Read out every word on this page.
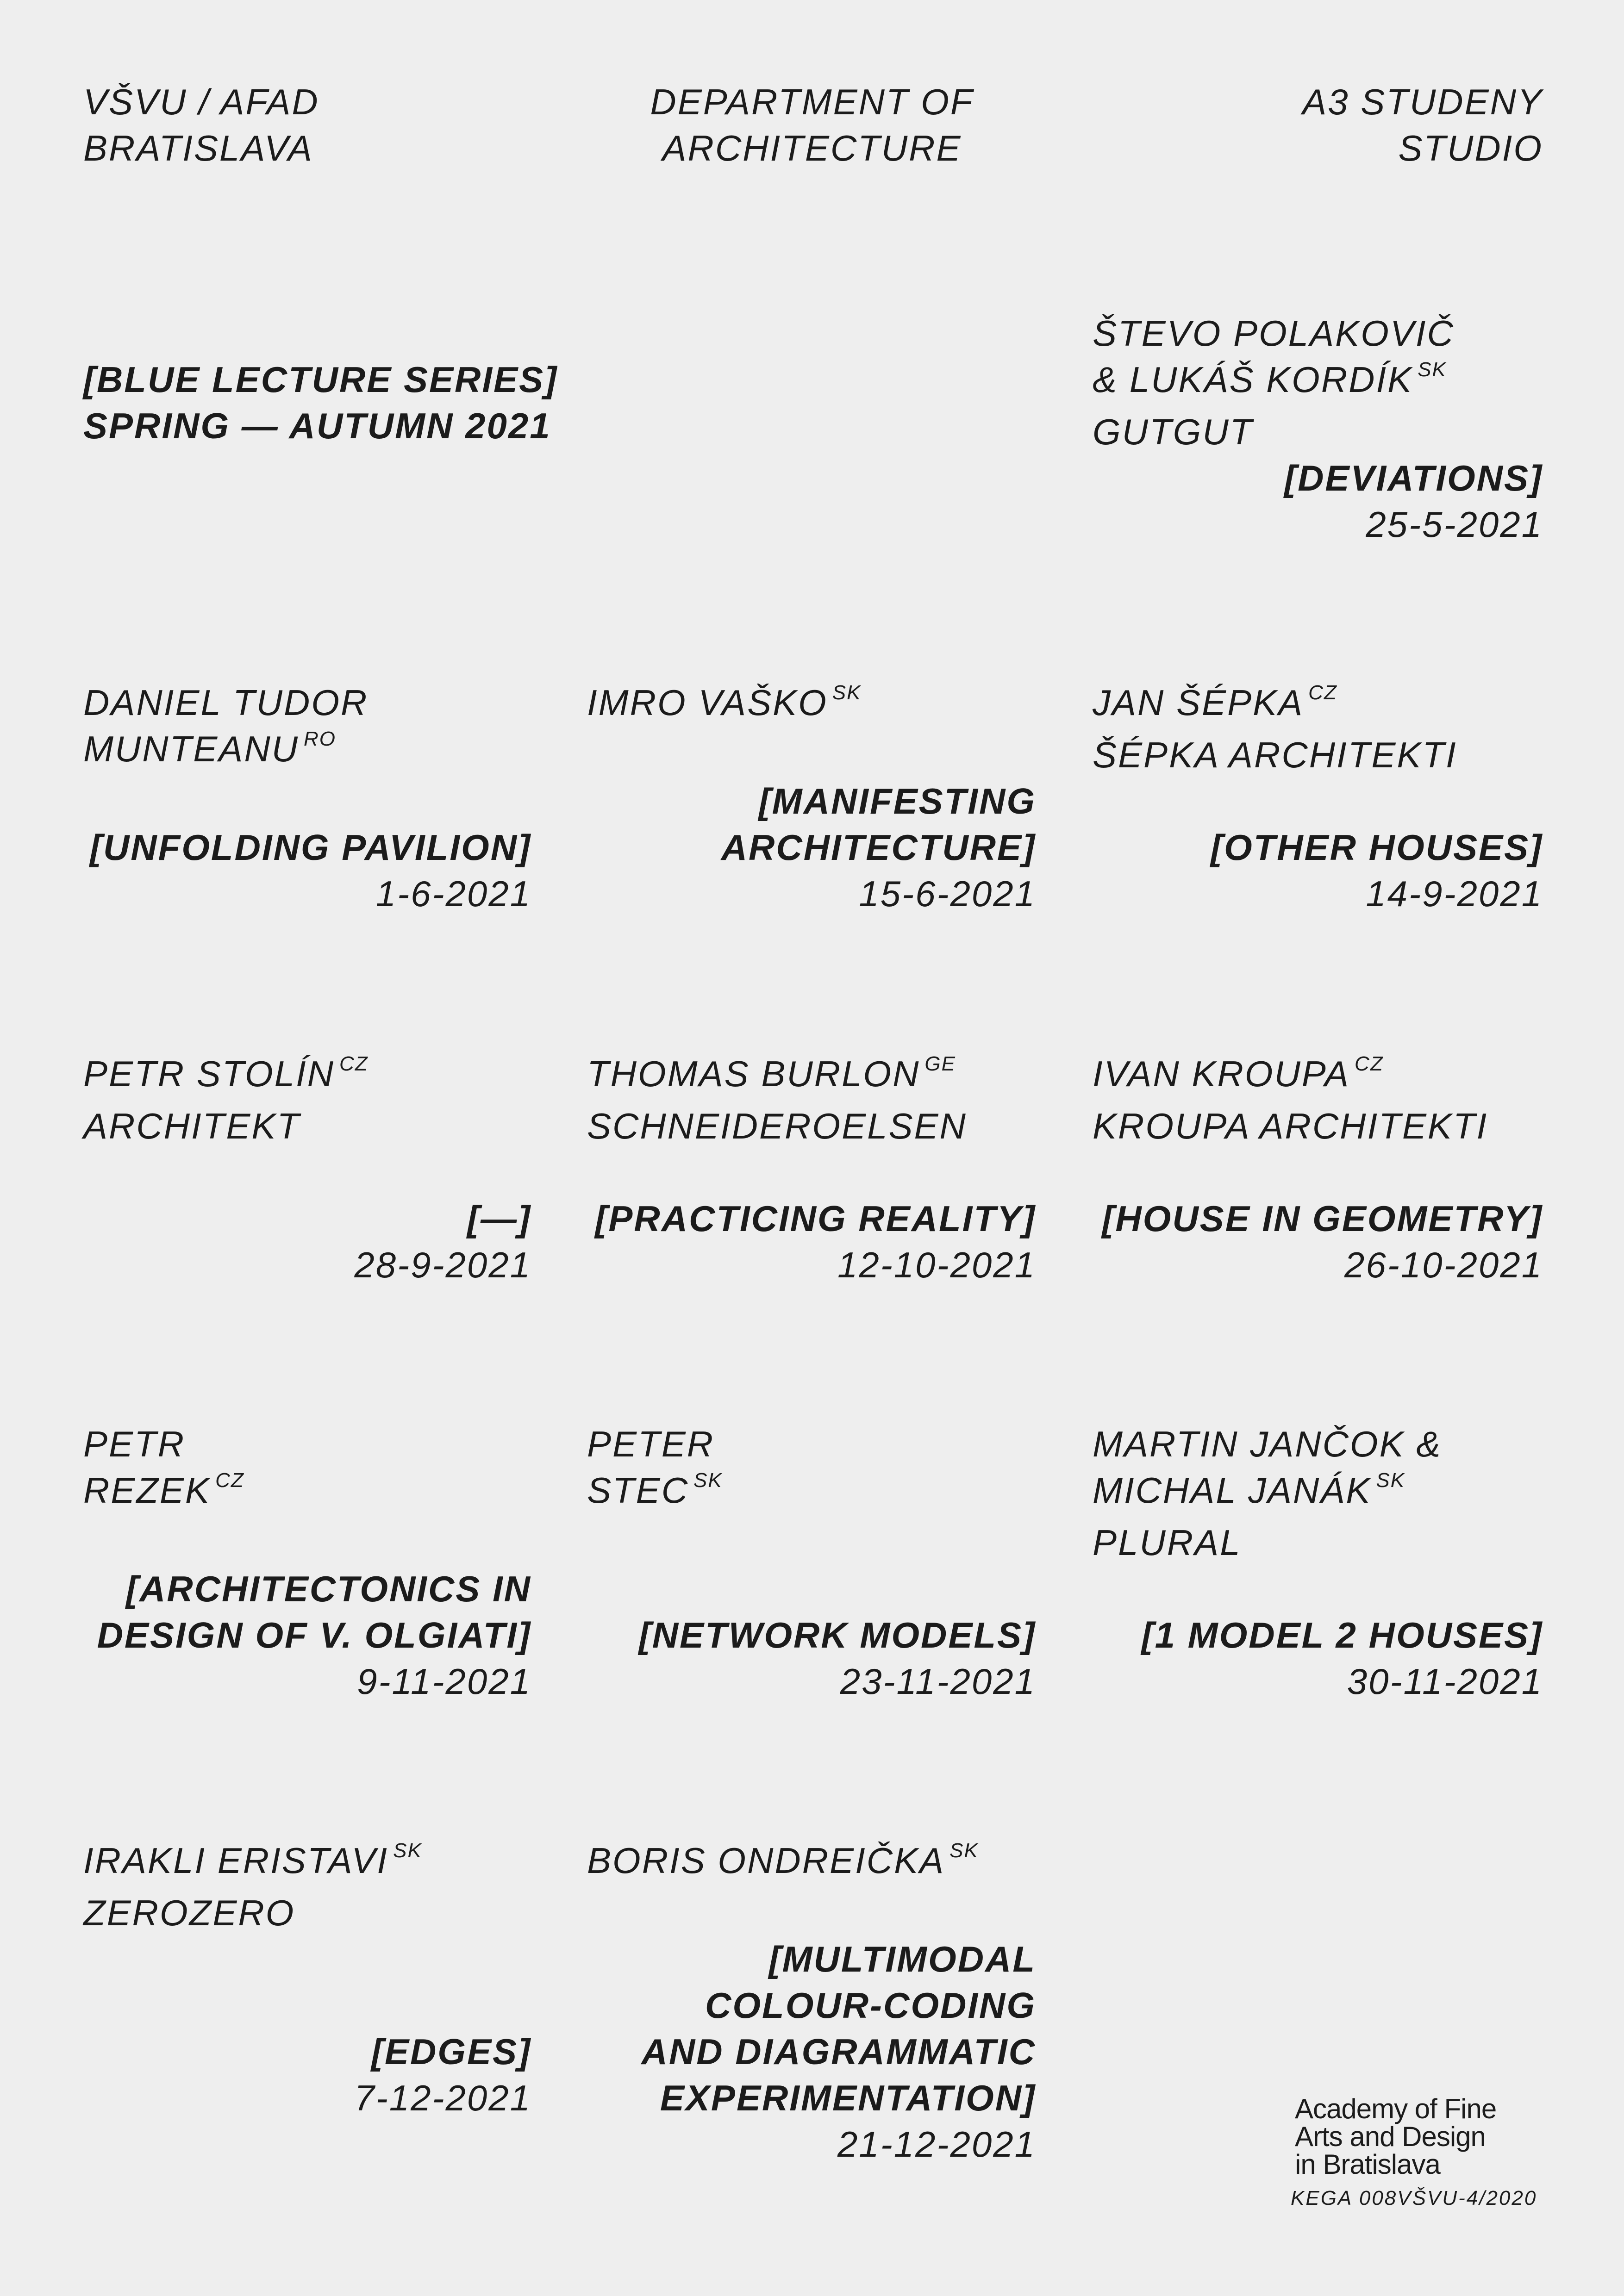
VŠVU / AFAD
BRATISLAVA
DEPARTMENT OF
ARCHITECTURE
A3 STUDENY
STUDIO
[BLUE LECTURE SERIES]
SPRING — AUTUMN 2021
ŠTEVO POLAKOVIČ
& LUKÁŠ KORDÍK $^{SK}$
GUTGUT
[DEVIATIONS]
25-5-2021
DANIEL TUDOR
MUNTEANU $^{RO}$
[UNFOLDING PAVILION]
1-6-2021
IMRO VAŠKO $^{SK}$
[MANIFESTING
ARCHITECTURE]
15-6-2021
JAN ŠÉPKA $^{CZ}$
ŠÉPKA ARCHITEKTI
[OTHER HOUSES]
14-9-2021
PETR STOLÍN $^{CZ}$
ARCHITEKT
[—]
28-9-2021
THOMAS BURLON $^{GE}$
SCHNEIDEROELSEN
[PRACTICING REALITY]
12-10-2021
IVAN KROUPA $^{CZ}$
KROUPA ARCHITEKTI
[HOUSE IN GEOMETRY]
26-10-2021
PETR
REZEK $^{CZ}$
[ARCHITECTONICS IN
DESIGN OF V. OLGIATI]
9-11-2021
PETER
STEC $^{SK}$
[NETWORK MODELS]
23-11-2021
MARTIN JANČOK &
MICHAL JANÁK $^{SK}$
PLURAL
[1 MODEL 2 HOUSES]
30-11-2021
IRAKLI ERISTAVI $^{SK}$
ZEROZERO
[EDGES]
7-12-2021
BORIS ONDREIČKA $^{SK}$
[MULTIMODAL
COLOUR-CODING
AND DIAGRAMMATIC
EXPERIMENTATION]
21-12-2021
Academy of Fine
Arts and Design
in Bratislava
KEGA 008VŠVU-4/2020
